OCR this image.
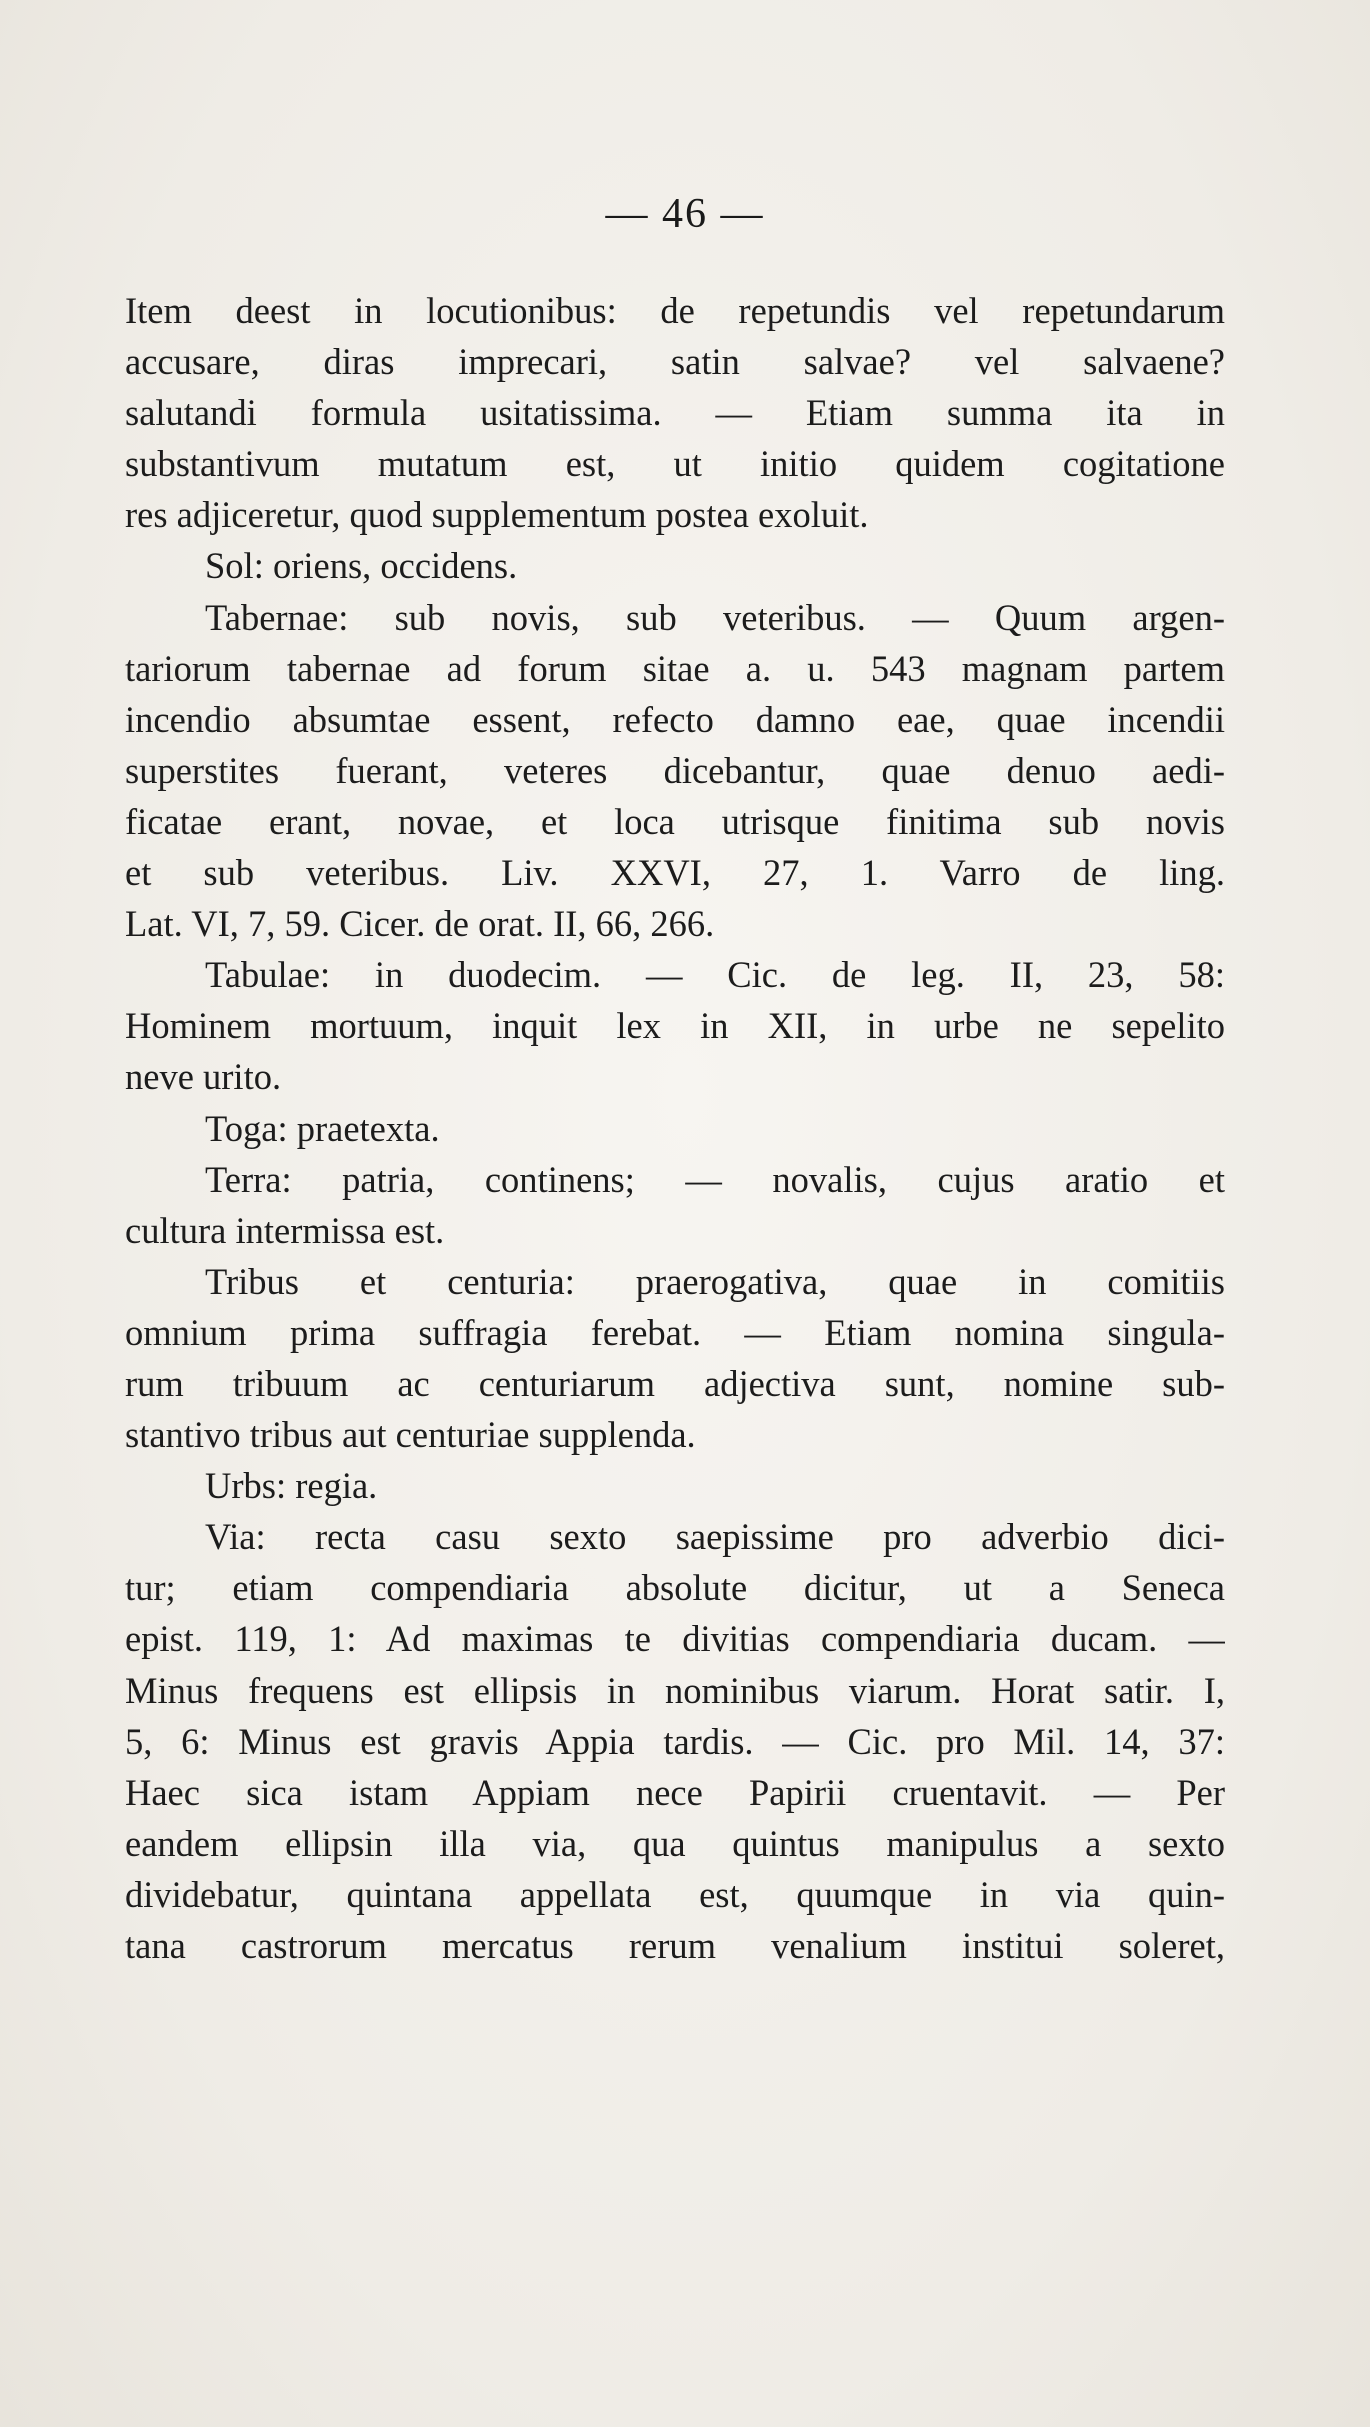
— 46 —
Item deest in locutionibus: de repetundis vel repetundarum
accusare, diras imprecari, satin salvae? vel salvaene?
salutandi formula usitatissima. — Etiam summa ita in
substantivum mutatum est, ut initio quidem cogitatione
res adjiceretur, quod supplementum postea exoluit.
Sol: oriens, occidens.
Tabernae: sub novis, sub veteribus. — Quum argen-
tariorum tabernae ad forum sitae a. u. 543 magnam partem
incendio absumtae essent, refecto damno eae, quae incendii
superstites fuerant, veteres dicebantur, quae denuo aedi-
ficatae erant, novae, et loca utrisque finitima sub novis
et sub veteribus. Liv. XXVI, 27, 1. Varro de ling.
Lat. VI, 7, 59. Cicer. de orat. II, 66, 266.
Tabulae: in duodecim. — Cic. de leg. II, 23, 58:
Hominem mortuum, inquit lex in XII, in urbe ne sepelito
neve urito.
Toga: praetexta.
Terra: patria, continens; — novalis, cujus aratio et
cultura intermissa est.
Tribus et centuria: praerogativa, quae in comitiis
omnium prima suffragia ferebat. — Etiam nomina singula-
rum tribuum ac centuriarum adjectiva sunt, nomine sub-
stantivo tribus aut centuriae supplenda.
Urbs: regia.
Via: recta casu sexto saepissime pro adverbio dici-
tur; etiam compendiaria absolute dicitur, ut a Seneca
epist. 119, 1: Ad maximas te divitias compendiaria ducam. —
Minus frequens est ellipsis in nominibus viarum. Horat satir. I,
5, 6: Minus est gravis Appia tardis. — Cic. pro Mil. 14, 37:
Haec sica istam Appiam nece Papirii cruentavit. — Per
eandem ellipsin illa via, qua quintus manipulus a sexto
dividebatur, quintana appellata est, quumque in via quin-
tana castrorum mercatus rerum venalium institui soleret,
